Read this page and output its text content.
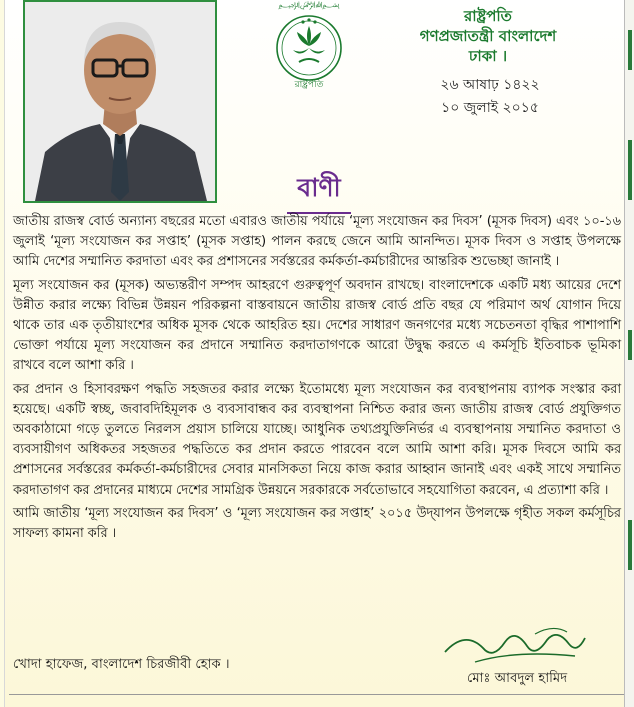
﷽
রাষ্ট্রপতি
রাষ্ট্রপতি
গণপ্রজাতন্ত্রী বাংলাদেশ
ঢাকা ।
২৬ আষাঢ় ১৪২২
১০ জুলাই ২০১৫
বাণী

জাতীয় রাজস্ব বোর্ড অন্যান্য বছরের মতো এবারও জাতীয় পর্যায়ে ‘মূল্য সংযোজন কর দিবস’ (মূসক দিবস) এবং ১০-১৬ জুলাই ‘মূল্য সংযোজন কর সপ্তাহ’ (মূসক সপ্তাহ) পালন করছে জেনে আমি আনন্দিত। মূসক দিবস ও সপ্তাহ উপলক্ষে আমি দেশের সম্মানিত করদাতা এবং কর প্রশাসনের সর্বস্তরের কর্মকর্তা-কর্মচারীদের আন্তরিক শুভেচ্ছা জানাই ।

মূল্য সংযোজন কর (মূসক) অভ্যন্তরীণ সম্পদ আহরণে গুরুত্বপূর্ণ অবদান রাখছে। বাংলাদেশকে একটি মধ্য আয়ের দেশে উন্নীত করার লক্ষ্যে বিভিন্ন উন্নয়ন পরিকল্পনা বাস্তবায়নে জাতীয় রাজস্ব বোর্ড প্রতি বছর যে পরিমাণ অর্থ যোগান দিয়ে থাকে তার এক তৃতীয়াংশের অধিক মূসক থেকে আহরিত হয়। দেশের সাধারণ জনগণের মধ্যে সচেতনতা বৃদ্ধির পাশাপাশি ভোক্তা পর্যায়ে মূল্য সংযোজন কর প্রদানে সম্মানিত করদাতাগণকে আরো উদ্বুদ্ধ করতে এ কর্মসূচি ইতিবাচক ভূমিকা রাখবে বলে আশা করি ।

কর প্রদান ও হিসাবরক্ষণ পদ্ধতি সহজতর করার লক্ষ্যে ইতোমধ্যে মূল্য সংযোজন কর ব্যবস্থাপনায় ব্যাপক সংস্কার করা হয়েছে। একটি স্বচ্ছ, জবাবদিহিমূলক ও ব্যবসাবান্ধব কর ব্যবস্থাপনা নিশ্চিত করার জন্য জাতীয় রাজস্ব বোর্ড প্রযুক্তিগত অবকাঠামো গড়ে তুলতে নিরলস প্রয়াস চালিয়ে যাচ্ছে। আধুনিক তথ্যপ্রযুক্তিনির্ভর এ ব্যবস্থাপনায় সম্মানিত করদাতা ও ব্যবসায়ীগণ অধিকতর সহজতর পদ্ধতিতে কর প্রদান করতে পারবেন বলে আমি আশা করি। মূসক দিবসে আমি কর প্রশাসনের সর্বস্তরের কর্মকর্তা-কর্মচারীদের সেবার মানসিকতা নিয়ে কাজ করার আহ্বান জানাই এবং একই সাথে সম্মানিত করদাতাগণ কর প্রদানের মাধ্যমে দেশের সামগ্রিক উন্নয়নে সরকারকে সর্বতোভাবে সহযোগিতা করবেন, এ প্রত্যাশা করি ।

আমি জাতীয় ‘মূল্য সংযোজন কর দিবস’ ও ‘মূল্য সংযোজন কর সপ্তাহ’ ২০১৫ উদ্‌যাপন উপলক্ষে গৃহীত সকল কর্মসূচির সাফল্য কামনা করি ।

খোদা হাফেজ, বাংলাদেশ চিরজীবী হোক ।
মোঃ আবদুল হামিদ
